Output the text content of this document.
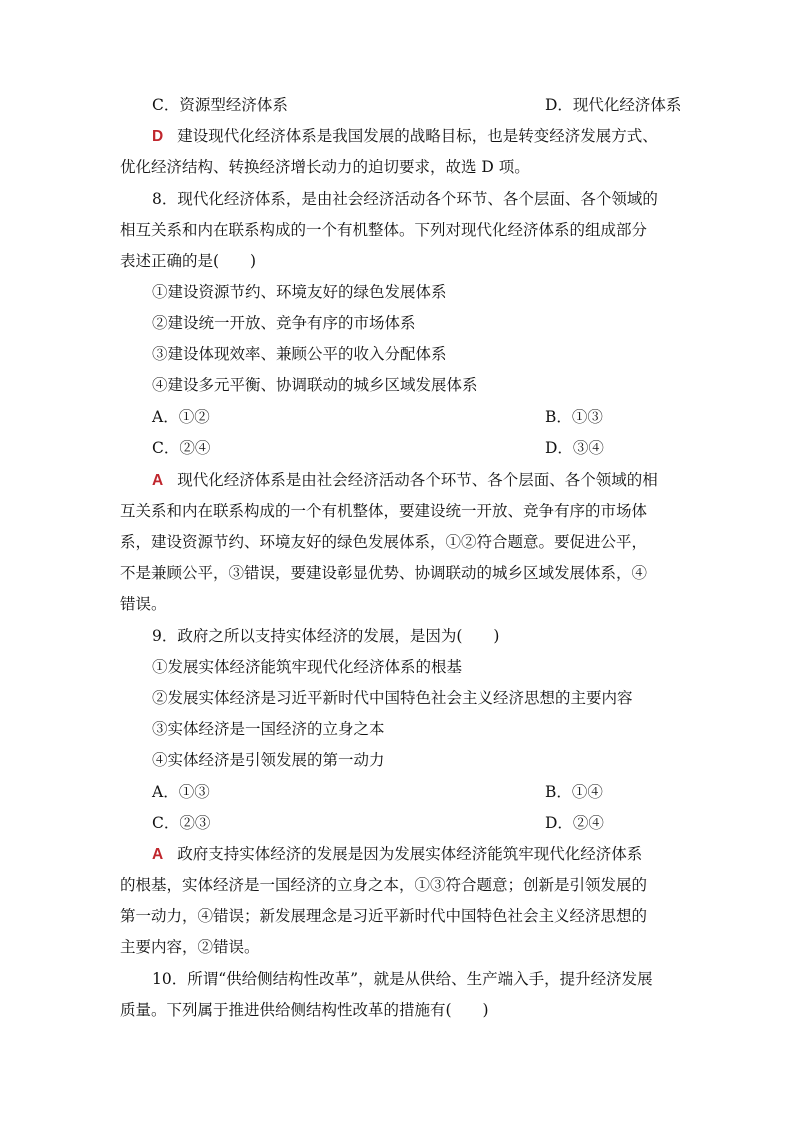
C．资源型经济体系	D．现代化经济体系
D 建设现代化经济体系是我国发展的战略目标，也是转变经济发展方式、
优化经济结构、转换经济增长动力的迫切要求，故选 D 项。
8．现代化经济体系，是由社会经济活动各个环节、各个层面、各个领域的
相互关系和内在联系构成的一个有机整体。下列对现代化经济体系的组成部分
表述正确的是(　　)
①建设资源节约、环境友好的绿色发展体系
②建设统一开放、竞争有序的市场体系
③建设体现效率、兼顾公平的收入分配体系
④建设多元平衡、协调联动的城乡区域发展体系
A．①②	B．①③
C．②④	D．③④
A 现代化经济体系是由社会经济活动各个环节、各个层面、各个领域的相
互关系和内在联系构成的一个有机整体，要建设统一开放、竞争有序的市场体
系，建设资源节约、环境友好的绿色发展体系，①②符合题意。要促进公平，
不是兼顾公平，③错误，要建设彰显优势、协调联动的城乡区域发展体系，④
错误。
9．政府之所以支持实体经济的发展，是因为(　　)
①发展实体经济能筑牢现代化经济体系的根基
②发展实体经济是习近平新时代中国特色社会主义经济思想的主要内容
③实体经济是一国经济的立身之本
④实体经济是引领发展的第一动力
A．①③	B．①④
C．②③	D．②④
A 政府支持实体经济的发展是因为发展实体经济能筑牢现代化经济体系
的根基，实体经济是一国经济的立身之本，①③符合题意；创新是引领发展的
第一动力，④错误；新发展理念是习近平新时代中国特色社会主义经济思想的
主要内容，②错误。
10．所谓“供给侧结构性改革”，就是从供给、生产端入手，提升经济发展
质量。下列属于推进供给侧结构性改革的措施有(　　)
